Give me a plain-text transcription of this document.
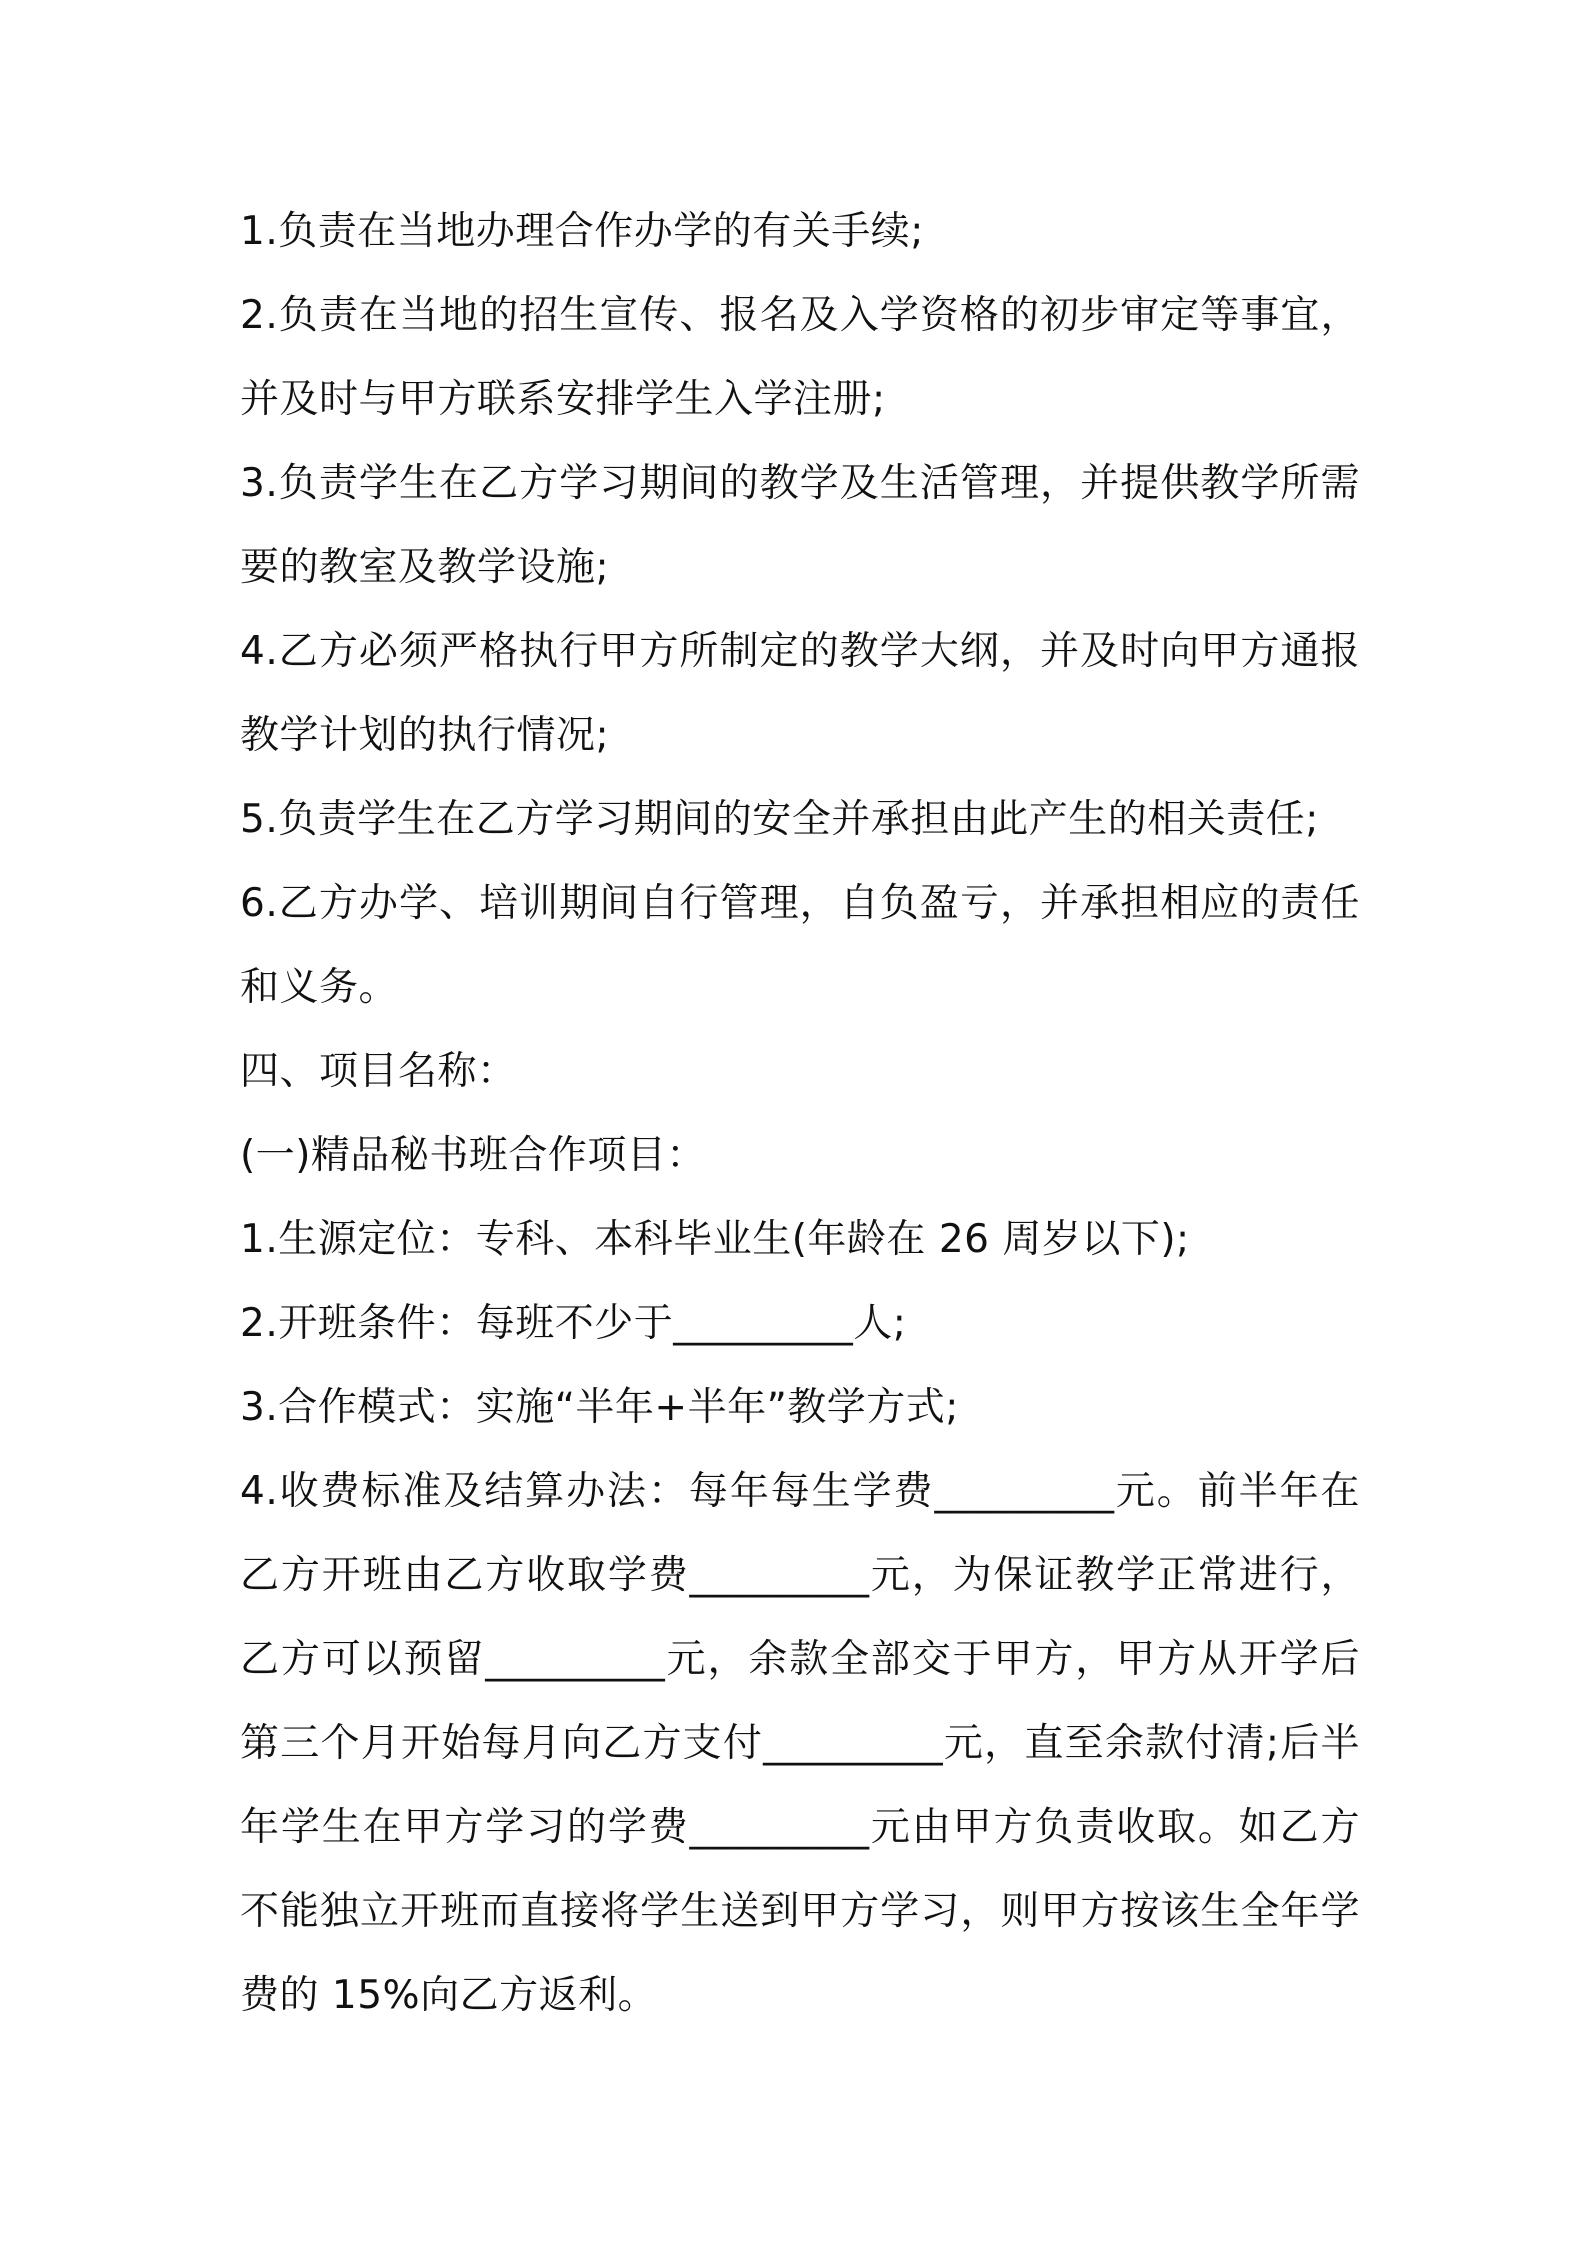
1.负责在当地办理合作办学的有关手续;

2.负责在当地的招生宣传、报名及入学资格的初步审定等事宜，并及时与甲方联系安排学生入学注册;

3.负责学生在乙方学习期间的教学及生活管理，并提供教学所需要的教室及教学设施;

4.乙方必须严格执行甲方所制定的教学大纲，并及时向甲方通报教学计划的执行情况;

5.负责学生在乙方学习期间的安全并承担由此产生的相关责任;

6.乙方办学、培训期间自行管理，自负盈亏，并承担相应的责任和义务。

四、项目名称：

(一)精品秘书班合作项目：

1.生源定位：专科、本科毕业生(年龄在 26 周岁以下);

2.开班条件：每班不少于_________人;

3.合作模式：实施“半年+半年”教学方式;

4.收费标准及结算办法：每年每生学费_________元。前半年在乙方开班由乙方收取学费_________元，为保证教学正常进行，乙方可以预留_________元，余款全部交于甲方，甲方从开学后第三个月开始每月向乙方支付_________元，直至余款付清;后半年学生在甲方学习的学费_________元由甲方负责收取。如乙方不能独立开班而直接将学生送到甲方学习，则甲方按该生全年学费的 15%向乙方返利。
